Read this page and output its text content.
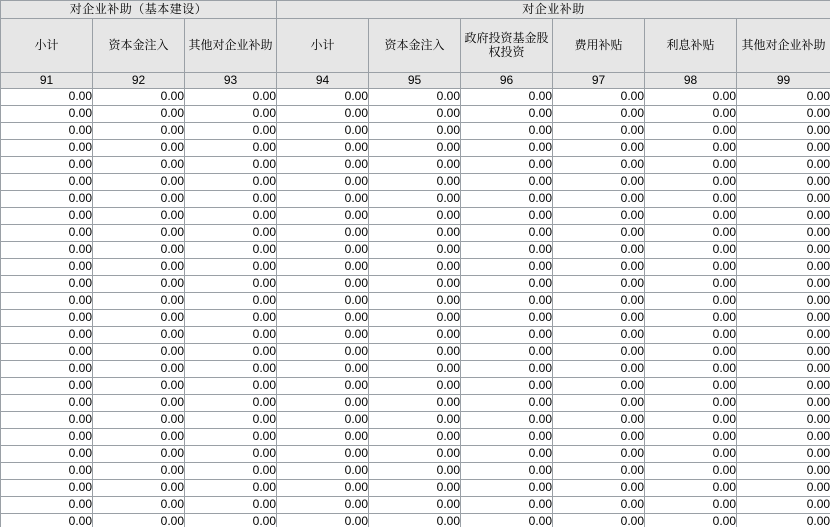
对企业补助（基本建设）			对企业补助					
小计	资本金注入	其他对企业补助	小计	资本金注入	政府投资基金股权投资	费用补贴	利息补贴	其他对企业补助
91	92	93	94	95	96	97	98	99
0.00	0.00	0.00	0.00	0.00	0.00	0.00	0.00	0.00
0.00	0.00	0.00	0.00	0.00	0.00	0.00	0.00	0.00
0.00	0.00	0.00	0.00	0.00	0.00	0.00	0.00	0.00
0.00	0.00	0.00	0.00	0.00	0.00	0.00	0.00	0.00
0.00	0.00	0.00	0.00	0.00	0.00	0.00	0.00	0.00
0.00	0.00	0.00	0.00	0.00	0.00	0.00	0.00	0.00
0.00	0.00	0.00	0.00	0.00	0.00	0.00	0.00	0.00
0.00	0.00	0.00	0.00	0.00	0.00	0.00	0.00	0.00
0.00	0.00	0.00	0.00	0.00	0.00	0.00	0.00	0.00
0.00	0.00	0.00	0.00	0.00	0.00	0.00	0.00	0.00
0.00	0.00	0.00	0.00	0.00	0.00	0.00	0.00	0.00
0.00	0.00	0.00	0.00	0.00	0.00	0.00	0.00	0.00
0.00	0.00	0.00	0.00	0.00	0.00	0.00	0.00	0.00
0.00	0.00	0.00	0.00	0.00	0.00	0.00	0.00	0.00
0.00	0.00	0.00	0.00	0.00	0.00	0.00	0.00	0.00
0.00	0.00	0.00	0.00	0.00	0.00	0.00	0.00	0.00
0.00	0.00	0.00	0.00	0.00	0.00	0.00	0.00	0.00
0.00	0.00	0.00	0.00	0.00	0.00	0.00	0.00	0.00
0.00	0.00	0.00	0.00	0.00	0.00	0.00	0.00	0.00
0.00	0.00	0.00	0.00	0.00	0.00	0.00	0.00	0.00
0.00	0.00	0.00	0.00	0.00	0.00	0.00	0.00	0.00
0.00	0.00	0.00	0.00	0.00	0.00	0.00	0.00	0.00
0.00	0.00	0.00	0.00	0.00	0.00	0.00	0.00	0.00
0.00	0.00	0.00	0.00	0.00	0.00	0.00	0.00	0.00
0.00	0.00	0.00	0.00	0.00	0.00	0.00	0.00	0.00
0.00	0.00	0.00	0.00	0.00	0.00	0.00	0.00	0.00
